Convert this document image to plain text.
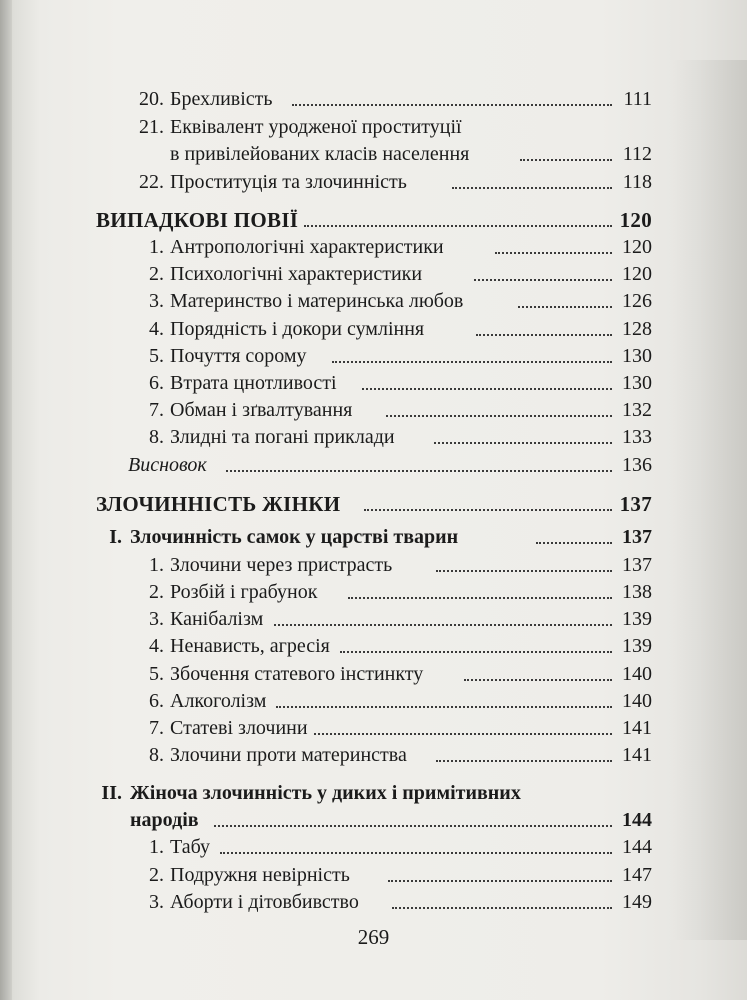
20. Брехливість	111
21. Еквівалент уродженої проституції
в привілейованих класів населення	112
22. Проституція та злочинність	118
ВИПАДКОВІ ПОВІЇ	120
1. Антропологічні характеристики	120
2. Психологічні характеристики	120
3. Материнство і материнська любов	126
4. Порядність і докори сумління	128
5. Почуття сорому	130
6. Втрата цнотливості	130
7. Обман і зґвалтування	132
8. Злидні та погані приклади	133
Висновок	136
ЗЛОЧИННІСТЬ ЖІНКИ	137
I. Злочинність самок у царстві тварин	137
1. Злочини через пристрасть	137
2. Розбій і грабунок	138
3. Канібалізм	139
4. Ненависть, агресія	139
5. Збочення статевого інстинкту	140
6. Алкоголізм	140
7. Статеві злочини	141
8. Злочини проти материнства	141
II. Жіноча злочинність у диких і примітивних
народів	144
1. Табу	144
2. Подружня невірність	147
3. Аборти і дітовбивство	149
269
